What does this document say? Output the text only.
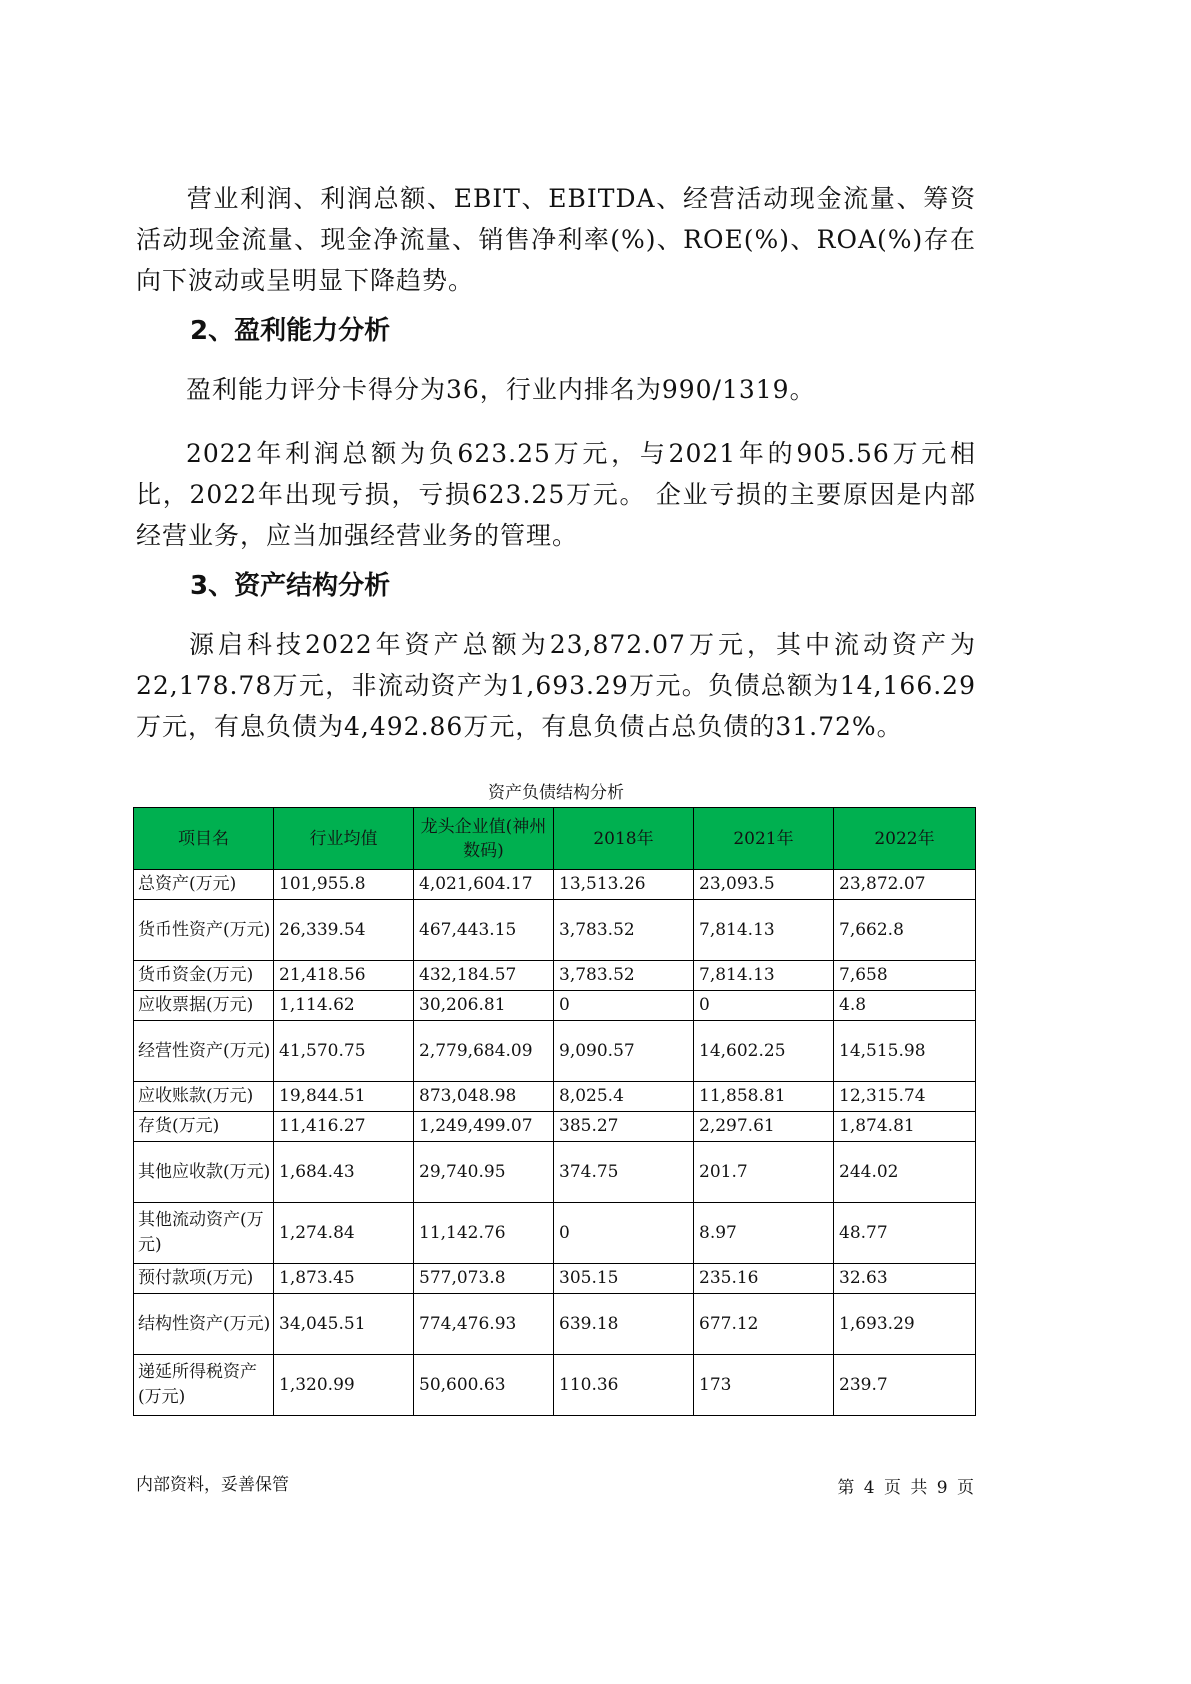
营业利润、利润总额、EBIT、EBITDA、经营活动现金流量、筹资活动现金流量、现金净流量、销售净利率(%)、ROE(%)、ROA(%)存在向下波动或呈明显下降趋势。

2、盈利能力分析

盈利能力评分卡得分为36，行业内排名为990/1319。

2022年利润总额为负623.25万元，与2021年的905.56万元相比，2022年出现亏损，亏损623.25万元。 企业亏损的主要原因是内部经营业务，应当加强经营业务的管理。

3、资产结构分析

源启科技2022年资产总额为23,872.07万元，其中流动资产为22,178.78万元，非流动资产为1,693.29万元。负债总额为14,166.29万元，有息负债为4,492.86万元，有息负债占总负债的31.72%。

资产负债结构分析
项目名	行业均值	龙头企业值(神州数码)	2018年	2021年	2022年
总资产(万元)	101,955.8	4,021,604.17	13,513.26	23,093.5	23,872.07
货币性资产(万元)	26,339.54	467,443.15	3,783.52	7,814.13	7,662.8
货币资金(万元)	21,418.56	432,184.57	3,783.52	7,814.13	7,658
应收票据(万元)	1,114.62	30,206.81	0	0	4.8
经营性资产(万元)	41,570.75	2,779,684.09	9,090.57	14,602.25	14,515.98
应收账款(万元)	19,844.51	873,048.98	8,025.4	11,858.81	12,315.74
存货(万元)	11,416.27	1,249,499.07	385.27	2,297.61	1,874.81
其他应收款(万元)	1,684.43	29,740.95	374.75	201.7	244.02
其他流动资产(万元)	1,274.84	11,142.76	0	8.97	48.77
预付款项(万元)	1,873.45	577,073.8	305.15	235.16	32.63
结构性资产(万元)	34,045.51	774,476.93	639.18	677.12	1,693.29
递延所得税资产(万元)	1,320.99	50,600.63	110.36	173	239.7
内部资料，妥善保管	第 4 页 共 9 页
